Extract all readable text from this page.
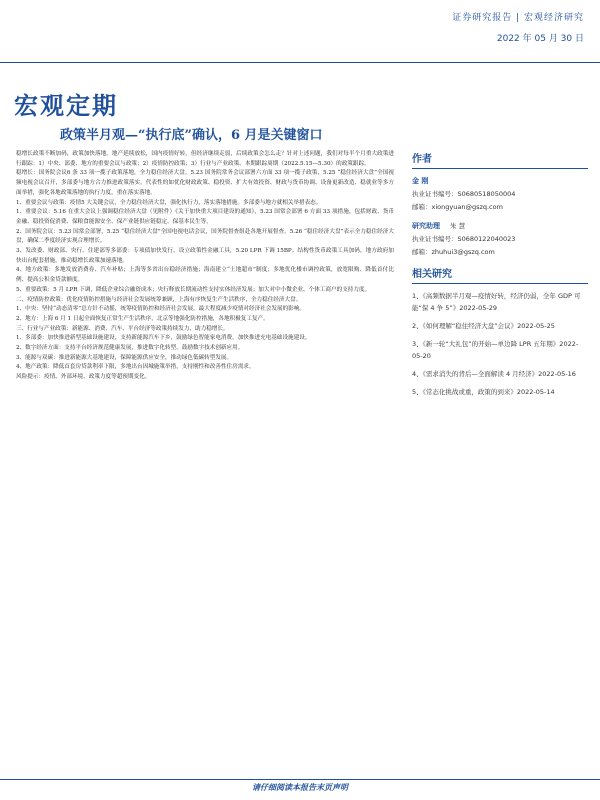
证券研究报告 | 宏观经济研究
2022 年 05 月 30 日
宏观定期
政策半月观—“执行底”确认，6 月是关键窗口

稳增长政策不断加码，政策加快落地。地产延续放松，国内疫情好转，但经济继续走弱，后续政策会怎么走？针对上述问题，我们对每半个月重大政策进行跟踪：1）中央、部委、地方的重要会议与政策；2）疫情防控政策；3）行业与产业政策。本期跟踪周期（2022.5.15—5.30）的政策跟踪。

稳增长：国务院会议6 条 33 项一揽子政策落地，全力稳住经济大盘。5.23 国务院常务会议部署六方面 33 项一揽子政策，5.25 “稳住经济大盘”全国视频电视会议召开，多部委与地方合力推进政策落实。代表性的如优化财政政策、稳投资、扩大有效投资、财政与货币协调、设备更新改造、稳就业等多方面举措，强化各地政策落地的执行力度，重在落实落地。

1、重要会议与政策：疫情5 大关键会议，全力稳住经济大盘，强化执行力，落实落地措施。多部委与地方就相关举措表态。

1、重要会议：5.16 在重大会议上强调稳住经济大盘（见附件）《关于加快重大项目建设的通知》，5.23 国常会部署 6 方面 33 项措施，包括财政、货币金融、稳投资促消费、保粮食能源安全、保产业链供应链稳定、保基本民生等。

2、国务院会议：5.23 国常会部署，5.25 “稳住经济大盘”全国电视电话会议，国务院督查组赴各地开展督查。5.26 “稳住经济大盘”表示全力稳住经济大盘，确保二季度经济实现合理增长。

3、发改委、财政部、央行、住建部等多部委：专项债加快发行，设立政策性金融工具，5.20 LPR 下调 15BP。结构性货币政策工具加码，地方政府加快出台配套措施，推动稳增长政策加速落地。

4、地方政策：多地发放消费券、汽车补贴；上海等多省出台稳经济措施；海南建立“土地超市”制度；多地优化楼市调控政策，放宽限购、降低首付比例、提高公积金贷款额度。

5、重要政策：5 月 LPR 下调，降低企业综合融资成本；央行释放长期流动性支持实体经济发展；加大对中小微企业、个体工商户的支持力度。

二、疫情防控政策：优化疫情防控措施与经济社会发展统筹兼顾，上海有序恢复生产生活秩序，全力稳住经济大盘。

1、中央：坚持“动态清零”总方针不动摇，统筹疫情防控和经济社会发展，最大程度减少疫情对经济社会发展的影响。

2、地方：上海 6 月 1 日起全面恢复正常生产生活秩序，北京等地强化防控措施，各地积极复工复产。

三、行业与产业政策：新能源、消费、汽车、平台经济等政策持续发力，助力稳增长。

1、多部委：加快推进新型基础设施建设，支持新能源汽车下乡，鼓励绿色智能家电消费，加快推进充电基础设施建设。

2、数字经济方面：支持平台经济规范健康发展，推进数字化转型，鼓励数字技术创新应用。

3、能源与双碳：推进新能源大基地建设，保障能源供应安全，推动绿色低碳转型发展。

4、地产政策：降低首套房贷款利率下限，多地出台因城施策举措，支持刚性和改善性住房需求。

风险提示：疫情、外部环境、政策力度等超预期变化。

作者
金 刚
执业证书编号：S0680518050004
邮箱：xiongyuan@gszq.com
研究助理 朱 慧
执业证书编号：S0680122040023
邮箱：zhuhui3@gszq.com
相关研究
1、《高频数据半月观—疫情好转，经济仍弱，全年 GDP 可能“保 4 争 5”》2022-05-29
2、《如何理解“稳住经济大盘”会议》2022-05-25
3、《新一轮“大礼包”的开始—单边降 LPR 五年期》2022-05-20
4、《需求消失的背后—全面解读 4 月经济》2022-05-16
5、《常态化挑战或重，政策的到来》2022-05-14
请仔细阅读本报告末页声明
